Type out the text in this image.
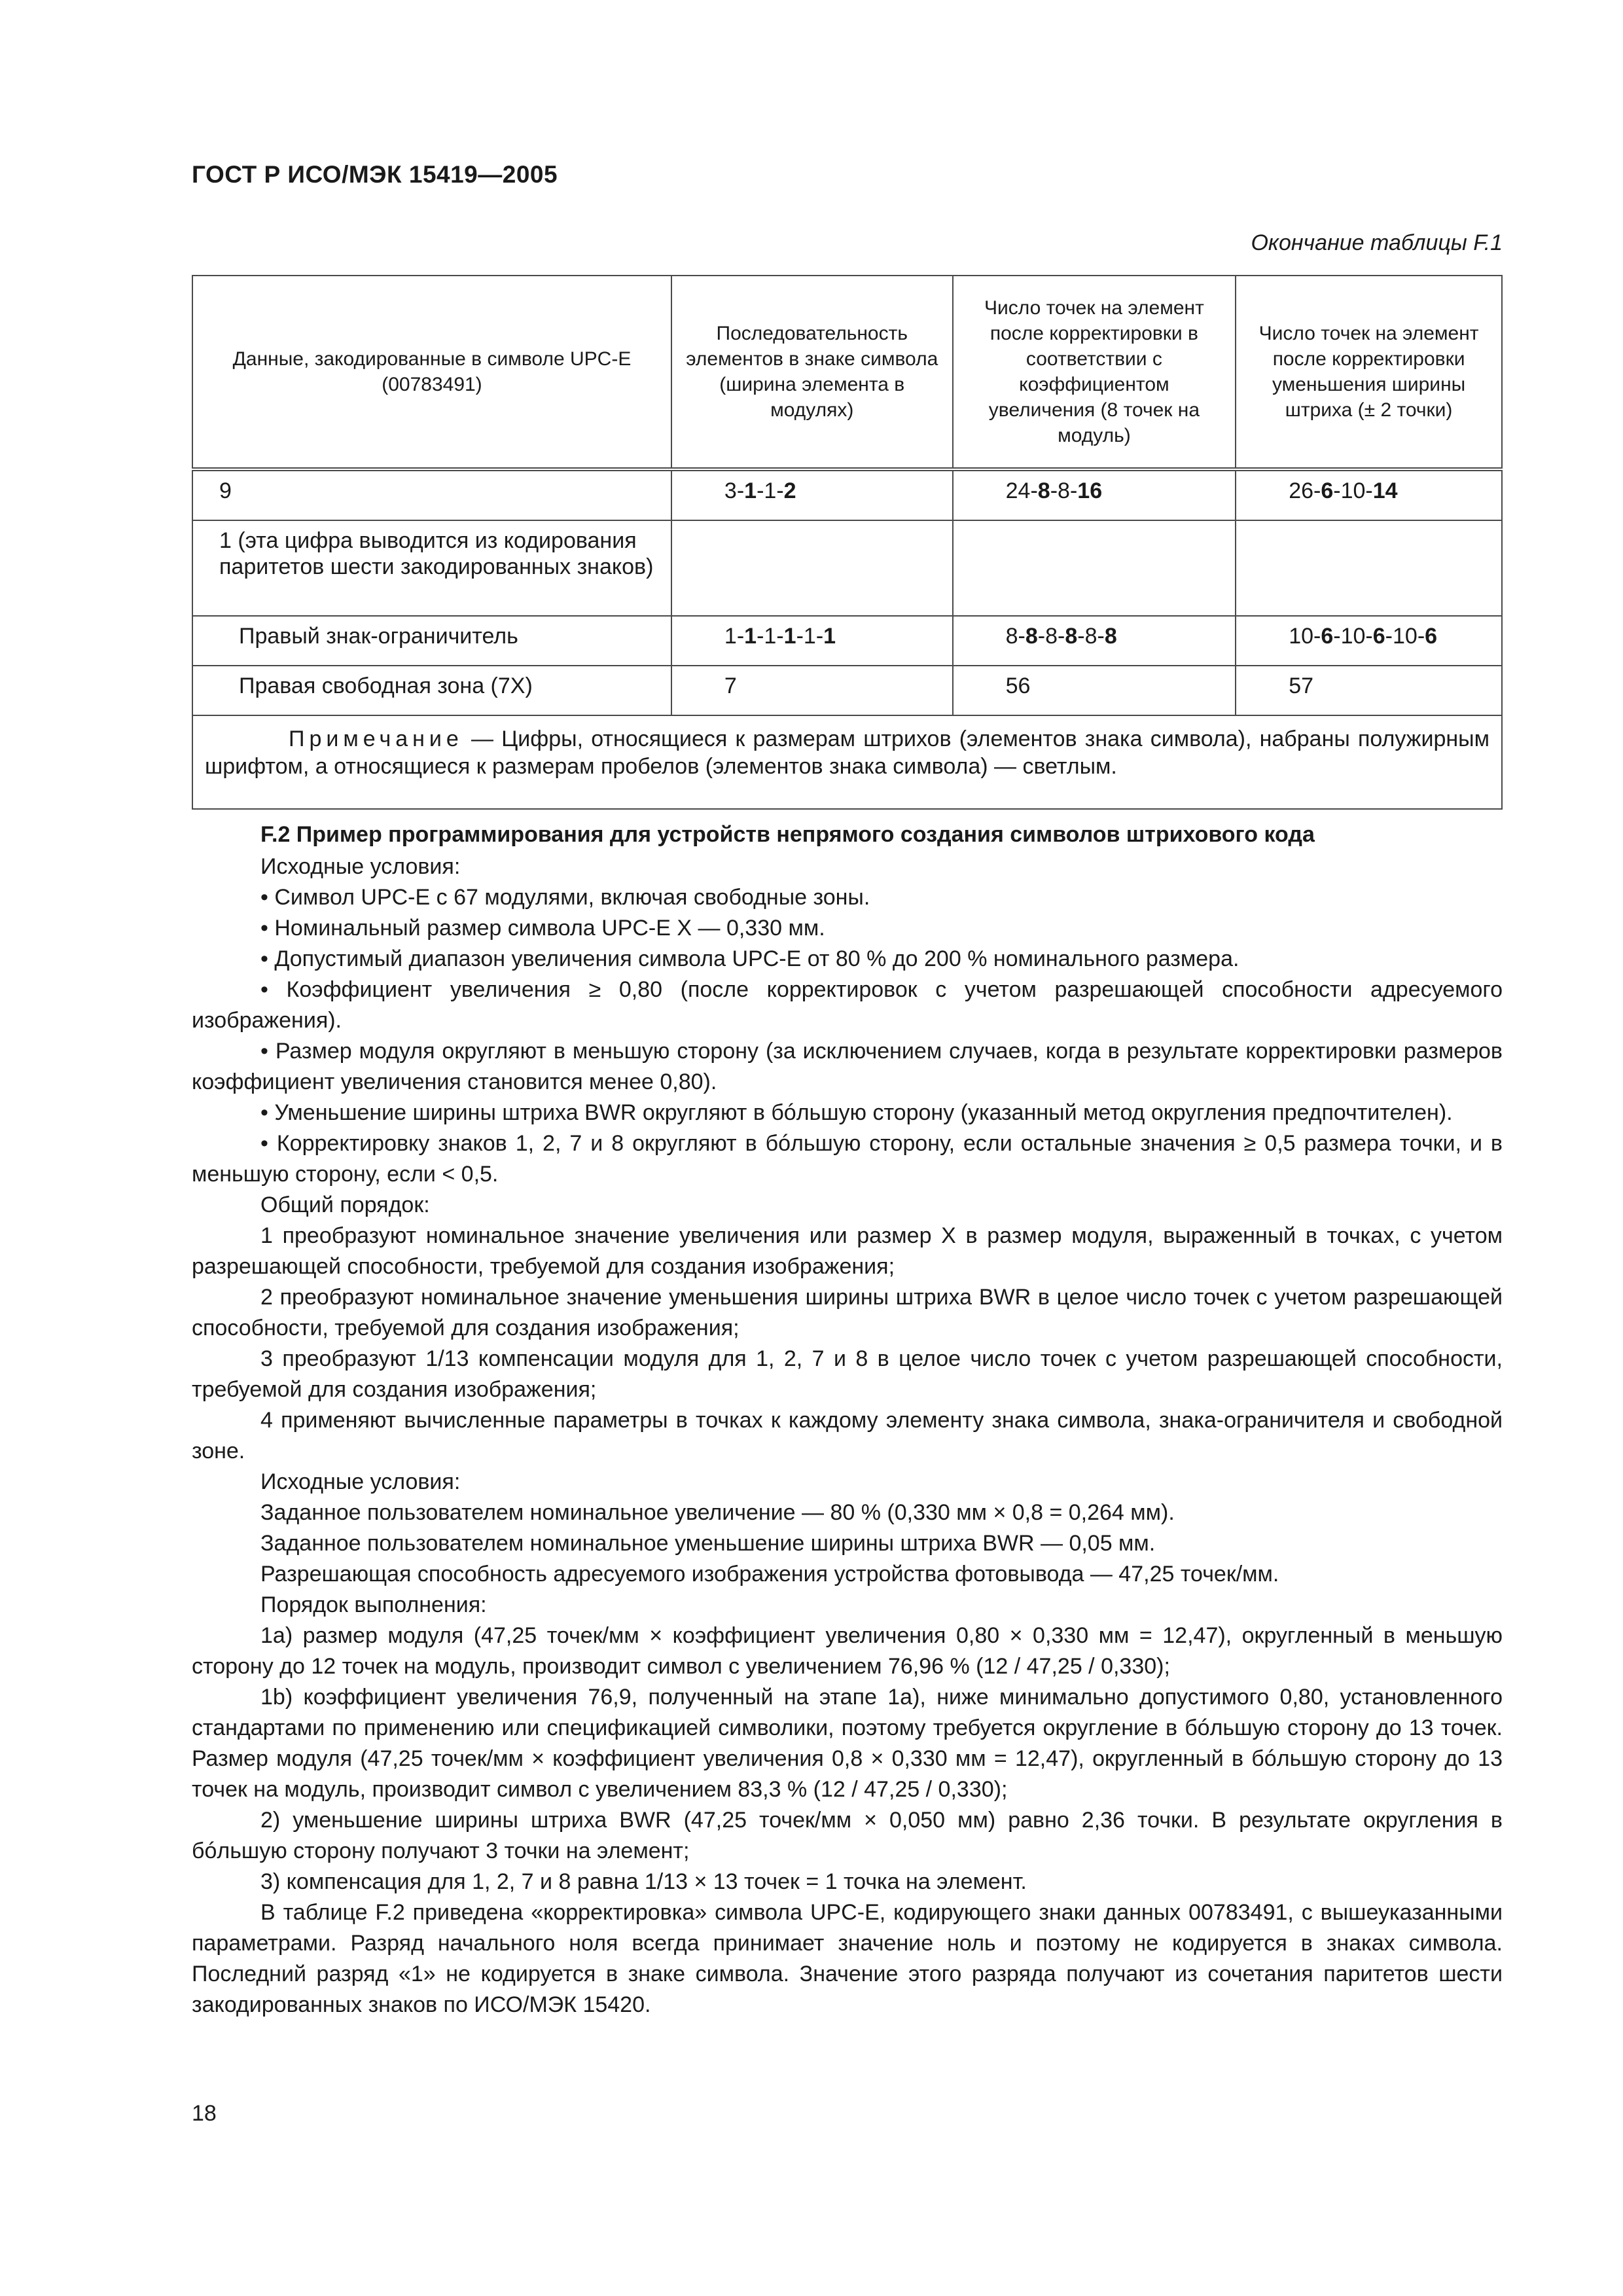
ГОСТ Р ИСО/МЭК 15419—2005
Окончание таблицы F.1
Данные, закодированные в символе UPC-E (00783491)	Последовательность элементов в знаке символа (ширина элемента в модулях)	Число точек на элемент после корректировки в соответствии с коэффициентом увеличения (8 точек на модуль)	Число точек на элемент после корректировки уменьшения ширины штриха (± 2 точки)
9	3-1-1-2	24-8-8-16	26-6-10-14
1 (эта цифра выводится из кодирования паритетов шести закодированных знаков)			
Правый знак-ограничитель	1-1-1-1-1-1	8-8-8-8-8-8	10-6-10-6-10-6
Правая свободная зона (7X)	7	56	57
Примечание — Цифры, относящиеся к размерам штрихов (элементов знака символа), набраны полужирным шрифтом, а относящиеся к размерам пробелов (элементов знака символа) — светлым.			

F.2 Пример программирования для устройств непрямого создания символов штрихового кода

Исходные условия:

• Символ UPC-E с 67 модулями, включая свободные зоны.

• Номинальный размер символа UPC-E X — 0,330 мм.

• Допустимый диапазон увеличения символа UPC-E от 80 % до 200 % номинального размера.

• Коэффициент увеличения ≥ 0,80 (после корректировок с учетом разрешающей способности адресуемого изображения).

• Размер модуля округляют в меньшую сторону (за исключением случаев, когда в результате корректировки размеров коэффициент увеличения становится менее 0,80).

• Уменьшение ширины штриха BWR округляют в бóльшую сторону (указанный метод округления предпочтителен).

• Корректировку знаков 1, 2, 7 и 8 округляют в бóльшую сторону, если остальные значения ≥ 0,5 размера точки, и в меньшую сторону, если < 0,5.

Общий порядок:

1 преобразуют номинальное значение увеличения или размер X в размер модуля, выраженный в точках, с учетом разрешающей способности, требуемой для создания изображения;

2 преобразуют номинальное значение уменьшения ширины штриха BWR в целое число точек с учетом разрешающей способности, требуемой для создания изображения;

3 преобразуют 1/13 компенсации модуля для 1, 2, 7 и 8 в целое число точек с учетом разрешающей способности, требуемой для создания изображения;

4 применяют вычисленные параметры в точках к каждому элементу знака символа, знака-ограничителя и свободной зоне.

Исходные условия:

Заданное пользователем номинальное увеличение — 80 % (0,330 мм × 0,8 = 0,264 мм).

Заданное пользователем номинальное уменьшение ширины штриха BWR — 0,05 мм.

Разрешающая способность адресуемого изображения устройства фотовывода — 47,25 точек/мм.

Порядок выполнения:

1a) размер модуля (47,25 точек/мм × коэффициент увеличения 0,80 × 0,330 мм = 12,47), округленный в меньшую сторону до 12 точек на модуль, производит символ с увеличением 76,96 % (12 / 47,25 / 0,330);

1b) коэффициент увеличения 76,9, полученный на этапе 1a), ниже минимально допустимого 0,80, установленного стандартами по применению или спецификацией символики, поэтому требуется округление в бóльшую сторону до 13 точек. Размер модуля (47,25 точек/мм × коэффициент увеличения 0,8 × 0,330 мм = 12,47), округленный в бóльшую сторону до 13 точек на модуль, производит символ с увеличением 83,3 % (12 / 47,25 / 0,330);

2) уменьшение ширины штриха BWR (47,25 точек/мм × 0,050 мм) равно 2,36 точки. В результате округления в бóльшую сторону получают 3 точки на элемент;

3) компенсация для 1, 2, 7 и 8 равна 1/13 × 13 точек = 1 точка на элемент.

В таблице F.2 приведена «корректировка» символа UPC-E, кодирующего знаки данных 00783491, с вышеуказанными параметрами. Разряд начального ноля всегда принимает значение ноль и поэтому не кодируется в знаках символа. Последний разряд «1» не кодируется в знаке символа. Значение этого разряда получают из сочетания паритетов шести закодированных знаков по ИСО/МЭК 15420.

18
